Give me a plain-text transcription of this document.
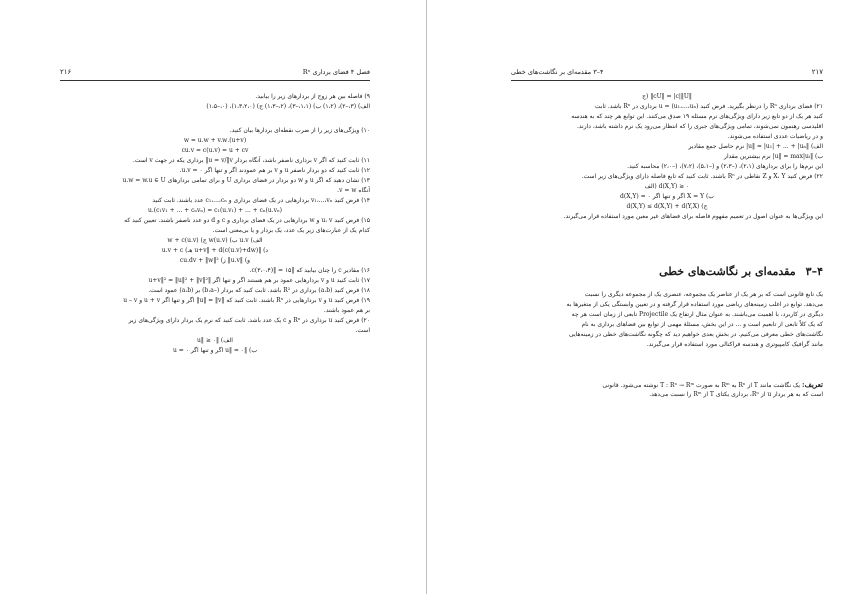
۲۱۶	فصل ۴ فضای برداری Rⁿ
۹) فاصله بین هر زوج از بردارهای زیر را بیابید.
الف) (۳،–۲)، (۱،۲) ب) (۱،۱،–۳)، (۲،–۱،۳) ج) (۱،۳،۲،۰)، (۰،–۱،۵)
۱۰) ویژگی‌های زیر را از ضرب نقطه‌ای بردارها بیان کنید.
(u+v).w = u.w + v.w
cu.v = c(u.v) = u + cv
۱۱) ثابت کنید که اگر v برداری ناصفر باشد، آنگاه بردار u = v/‖v‖ برداری یکه در جهت v است.
۱۲) ثابت کنید که دو بردار ناصفر u و v بر هم عمودند اگر و تنها اگر u.v = ۰.
۱۳) نشان دهید که اگر u و w دو بردار در فضای برداری U و برای تمامی بردارهای u.w = w.u ∈ U
آنگاه v = w.
۱۴) فرض کنید v₁،...،vₙ بردارهایی در یک فضای برداری و c₁،...،cₙ عدد باشند. ثابت کنید
u.(c₁v₁ + ... + cₙvₙ) = c₁(u.v₁) + ... + cₙ(u.vₙ)
۱۵) فرض کنید u، v و w بردارهایی در یک فضای برداری و c و d دو عدد ناصفر باشند. تعیین کنید که
کدام یک از عبارت‌های زیر یک عدد، یک بردار و یا بی‌معنی است.
الف) u.v ب) (u.v)w ج) (u.v)w + c
د) ‖u+v‖ + d(c(u.v)+dw) هـ) u.v + c
و) ‖u.v‖ ز) cu.dv + ‖w‖²
۱۶) مقادیر c را چنان بیابید که ‖c(۳،۰،۴)‖ = ۱۵.
۱۷) ثابت کنید u و v بردارهایی عمود بر هم هستند اگر و تنها اگر ‖u+v‖² = ‖u‖² + ‖v‖²
۱۸) فرض کنید (a،b) برداری در R² باشد. ثابت کنید که بردار (–b،a) بر (a،b) عمود است.
۱۹) فرض کنید u و v بردارهایی در Rⁿ باشند. ثابت کنید که ‖u‖ = ‖v‖ اگر و تنها اگر u + v و u – v
بر هم عمود باشند.
۲۰) فرض کنید u برداری در Rⁿ و c یک عدد باشد. ثابت کنید که نرم یک بردار دارای ویژگی‌های زیر
است.
الف) ‖u‖ ≥ ۰
ب) ‖u‖ = ۰ اگر و تنها اگر u = ۰
۲۱۷
۴–۳ مقدمه‌ای بر نگاشت‌های خطی
‖cU‖ = |c|‖U‖ (ج
۲۱) فضای برداری Rⁿ را درنظر بگیرید. فرض کنید (u₁،...،uₙ) = u برداری در Rⁿ باشد. ثابت
کنید هر یک از دو تابع زیر دارای ویژگی‌های نرم مسئله ۱۹ صدق می‌کنند. این توابع هر چند که به هندسه
اقلیدسی رهنمون نمی‌شوند، تمامی ویژگی‌های جبری را که انتظار می‌رود یک نرم داشته باشد، دارند.
و در ریاضیات عددی استفاده می‌شوند.
الف) ‖u‖ = |u₁| + ... + |uₙ| نرم حاصل جمع مقادیر
ب) ‖u‖ = max|uᵢ| نرم بیشترین مقدار
این نرم‌ها را برای بردارهای (۲،۱)، (–۲،۳) و (–۵،۱)، (۷،۲)، (–۲،۰) محاسبه کنید.
۲۲) فرض کنید X، Y و Z نقاطی در Rⁿ باشند. ثابت کنید که تابع فاصله دارای ویژگی‌های زیر است.
d(X,Y) ≥ ۰ (الف
ب) X = Y اگر و تنها اگر d(X,Y) = ۰
ج) d(X,Y) ≤ d(X,Y) + d(Y,X)
این ویژگی‌ها به عنوان اصول در تعمیم مفهوم فاصله برای فضاهای غیر معین مورد استفاده قرار می‌گیرند.
۴–۳مقدمه‌ای بر نگاشت‌های خطی
یک تابع قانونی است که بر هر یک از عناصر یک مجموعه، عنصری یک از مجموعه دیگری را نسبت
می‌دهد. توابع در اغلب زمینه‌های ریاضی مورد استفاده قرار گرفته و در تعیین وابستگی یکی از متغیرها به
دیگری در کاربرد، با اهمیت می‌باشند. به عنوان مثال ارتفاع یک Projectile تابعی از زمان است هر چه
که یک کلاً تابعی از تابعیم است و ... در این بخش، مسئلهٔ مهمی از توابع بین فضاهای برداری به نام
نگاشت‌های خطی معرفی می‌کنیم. در بخش بعدی خواهیم دید که چگونه نگاشت‌های خطی در زمینه‌هایی
مانند گرافیک کامپیوتری و هندسه فراکتالی مورد استفاده قرار می‌گیرند.
تعریف: یک نگاشت مانند T از Rⁿ به Rᵐ به صورت T : Rⁿ → Rᵐ نوشته می‌شود. قانونی
است که به هر بردار u از Rⁿ، برداری یکتای T از Rᵐ را نسبت می‌دهد.
